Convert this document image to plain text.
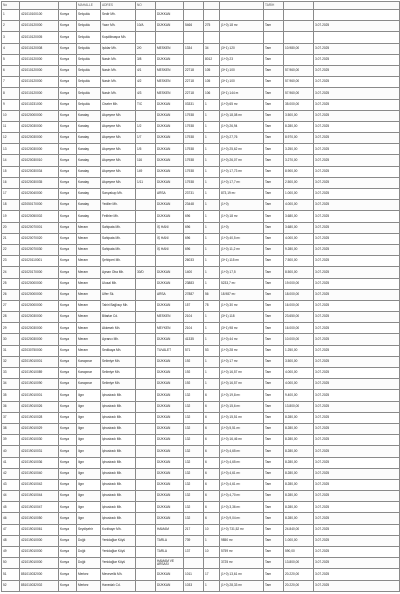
No			MAHALLE	ADRES	NO					TARİH		
1	421010100100	Konya	Selçuklu	Sedir Mh.		DÜKKAN						
2	421010120000	Konya	Selçuklu	Yazır Mh.	10/A	DÜKKAN	5466	275	(1+0) 18 m²	Tam		3.07.2025
3	421010120005	Konya	Selçuklu	Kuşdilinaspa Mh.								
4	421010120008	Konya	Selçuklu	Işıklar Mh.	2/0	MESKEN	1334	34	(3+1) 120	Tam	10.980,00	3.07.2025
5	421010120000	Konya	Selçuklu	Nasıh Mh.	3/8	DÜKKAN		8012	(1+0) 23	Tam		3.07.2025
6	421010120000	Konya	Selçuklu	Nasıh Mh.	4/1	MESKEN	22718	105	(3+1) 100	Tam	57.960,00	3.07.2025
7	421010120000	Konya	Selçuklu	Nasıh Mh.	4/2	MESKEN	22718	105	(3+1) 100	Tam	57.960,00	3.07.2025
8	421010120000	Konya	Selçuklu	Nasıh Mh.	4/3	MESKEN	22718	106	(3+1) 144 m	Tam	57.960,00	3.07.2025
9	421010231000	Konya	Selçuklu	Ciseler Mh.	T/C	DÜKKAN	03331	1	(1+0) 65 m²	Tam	35.000,00	3.07.2025
10	421020000000	Konya	Karatay	Akçeşme Mh.		DÜKKAN	17938	1	(1+0) 18,08 m²	Tam	3.500,00	3.07.2025
11	421020030000	Konya	Karatay	Akçeşme Mh.	1/2	DÜKKAN	17938	1	(1+0) 26,94	Tam	8.280,00	3.07.2025
12	421020030000	Konya	Karatay	Akçeşme Mh.	1/7	DÜKKAN	17938	1	(1+0) 27,76	Tam	8.970,00	3.07.2025
13	421020030000	Konya	Karatay	Akçeşme Mh.	1/5	DÜKKAN	17938	1	(1+0) 25,62 m²	Tam	3.250,00	3.07.2025
14	421020030010	Konya	Karatay	Akçeşme Mh.	116	DÜKKAN	17938	1	(1+0) 26,07 m²	Tam	3.270,00	3.07.2025
15	421020030034	Konya	Karatay	Akçeşme Mh.	149	DÜKKAN	17938	1	(1+0) 17,73 m²	Tam	8.900,00	3.07.2025
16	421020030035	Konya	Karatay	Akçeşme Mh.	1/11	DÜKKAN	17938	1	(1+0) 17,7 m²	Tam	2.500,00	3.07.2025
17	421020040000	Konya	Karatay	Sarıyakup Mh.		ARSA	23731	1	873,19 m²	Tam	1.000,00	3.07.2025
18	422050170000	Konya	Karatay	Yediler Mh.		DÜKKAN	23448	1	(1+0)	Tam	4.000,00	3.07.2025
19	421020050002	Konya	Karatay	Fetihler Mh.		DÜKKAN	696	1	(1+0) 18 m²	Tam	3.680,00	3.07.2025
20	421020070001	Konya	Meram	Sahipata Mh.		İŞ HANI	696	1	(1+0)	Tam	3.680,00	3.07.2025
21	421020070020	Konya	Meram	Sahipata Mh.		İŞ HANI	696	1	(1+0) 40,5 m²	Tam	4.000,00	3.07.2025
22	421020070030	Konya	Meram	Sahipata Mh.		İŞ HANI	696	1	(1+0) 11,2 m²	Tam	9.280,00	3.07.2025
23	421020110001	Konya	Meram	Şehbperi Mh.			26033	1	(3+1) 115 m²	Tam	7.500,00	3.07.2025
24	421020170000	Konya	Meram	Aynan Oba Mh.	30/D	DÜKKAN	1400	1	(1+0) 17,5	Tam	8.500,00	3.07.2025
25	421020000000	Konya	Meram	Ulusal Mh.		DÜKKAN	23883	1	5233,7 m²	Tam	19.000,00	3.07.2025
26	421020000000	Konya	Meram	Ulfer Sk.		ARSA	27887	56	18.987 m²	Tam	18.000,00	3.07.2025
27	421020000000	Konya	Meram	Tahiri Bağlısıp Mh.		DÜKKAN	157	78	(1+0) 30 m²	Tam	16.000,00	3.07.2025
28	421020030000	Konya	Meram	Bitarlar Cd.		MESKEN	2104	1	(3+1) 118	Tam	23.650,00	3.07.2025
29	421020030000	Konya	Meram	Akkeselı Mh.		MEYKEN	2104	1	(3+1) 98 m²	Tam	16.000,00	3.07.2025
30	421020030000	Konya	Meram	Ayrancı Mh.		DÜKKAN	41335	1	(1+0) 44 m²	Tam	10.000,00	3.07.2025
31	422030750000	Konya	Meram	Sedikaya Mh.		TUVALET	571	53	(1+0) 28 m²	Tam	1.250,00	3.07.2025
32	422019010001	Konya	Karapınar	Selimiye Mh.		DÜKKAN	192	1	(1+0) 17 m²	Tam	3.500,00	3.07.2025
33	421019010089	Konya	Karapınar	Selimiye Mh.		DÜKKAN	192	1	(1+0) 16,57 m²	Tam	4.000,00	3.07.2025
34	421019010090	Konya	Karapınar	Selimiye Mh.		DÜKKAN	192	1	(1+0) 16,57 m²	Tam	4.000,00	3.07.2025
35	421019010001	Konya	Ilgın	İçhusiradı Mh.		DÜKKAN	132	6	(1+0) 19,8 m²	Tam	9.400,00	3.07.2025
36	421019010026	Konya	Ilgın	İçhusiradı Mh.		DÜKKAN	132	6	(1+0) 15,6 m²	Tam	13.800,00	3.07.2025
37	421019010028	Konya	Ilgın	İçhusiradı Mh.		DÜKKAN	132	6	(1+0) 15,51 m²	Tam	8.280,00	3.07.2025
38	421019010029	Konya	Ilgın	İçhusiradı Mh.		DÜKKAN	132	6	(1+0) 5,51 m²	Tam	8.280,00	3.07.2025
39	421019010030	Konya	Ilgın	İçhusiradı Mh.		DÜKKAN	132	6	(1+0) 16,46 m²	Tam	8.280,00	3.07.2025
40	421019010031	Konya	Ilgın	İçhusiradı Mh.		DÜKKAN	132	6	(1+0) 4,65 m²	Tam	8.280,00	3.07.2025
41	421019010036	Konya	Ilgın	İçhusiradı Mh.		DÜKKAN	132	6	(1+0) 4,65 m²	Tam	8.280,00	3.07.2025
42	421019010040	Konya	Ilgın	İçhusiradı Mh.		DÜKKAN	132	6	(1+0) 4,61 m²	Tam	8.280,00	3.07.2025
43	421019010042	Konya	Ilgın	İçhusiradı Mh.		DÜKKAN	132	6	(1+0) 4,61 m²	Tam	8.280,00	3.07.2025
44	421019010044	Konya	Ilgın	İçhusiradı Mh.		DÜKKAN	132	6	(1+0) 4,70 m²	Tam	8.280,00	3.07.2025
45	421019010047	Konya	Ilgın	İçhusiradı Mh.		DÜKKAN	132	6	(1+0) 3,36 m²	Tam	8.280,00	3.07.2025
46	421019010050	Konya	Ilgın	İçhusiradı Mh.		DÜKKAN	132	6	(1+0) 9,04 m²	Tam	8.280,00	3.07.2025
47	421019010061	Konya	Seydişehir	Kızılbayır Mh.		HAMAM	217	10	(1+0) 731,52 m²	Tam	24.840,00	3.07.2025
48	421019010000	Konya	Doğlı	Yenidoğlar Köyü		TARLA	739	1	9850 m²	Tam	1.000,00	3.07.2025
49	421019010000	Konya	Doğlı	Yenidoğlar Köyü		TARLA	137	10	5759 m²	Tam	590,00	3.07.2025
50	421019010000	Konya	Doğlı	Yenidoğlar Köyü		HAMAM VE ARSASI			3725 m²	Tam	13.800,00	3.07.2025
51	851010032000	Konya	Merkez	Mevevelik Mh.		DÜKKAN	1011	17	(1+0) 13,61 m²	Tam	20.220,00	3.07.2025
52	851010032002	Konya	Merkez	Hanedalı Cd.		DÜKKAN	1033	1	(1+0) 28,33 m²	Tam	20.220,00	3.07.2025
